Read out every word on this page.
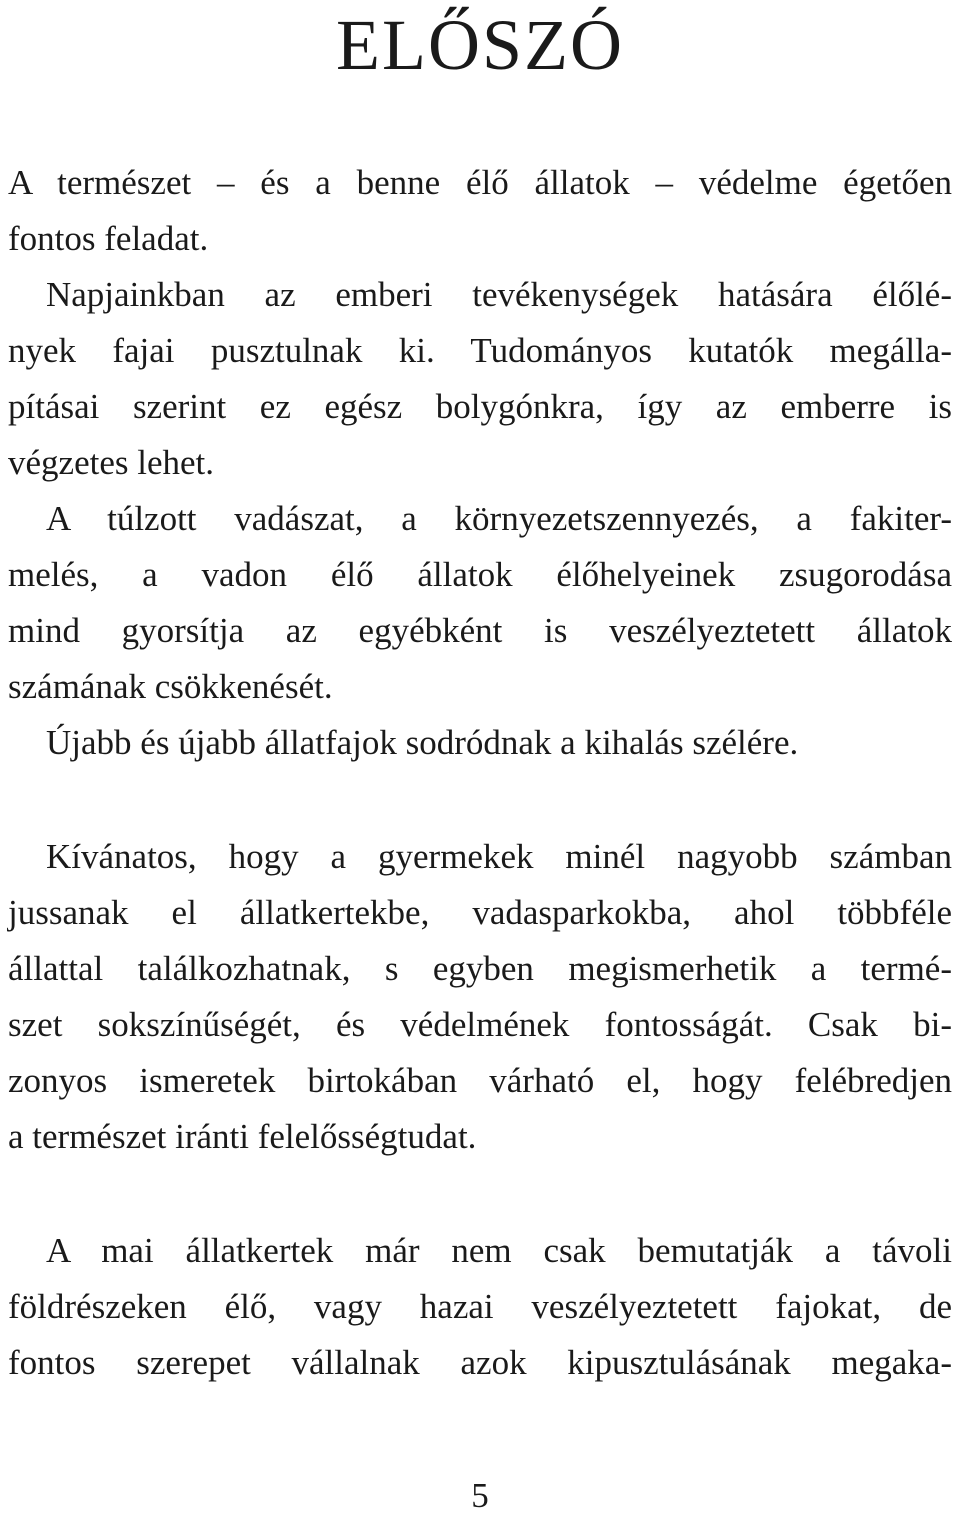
ELŐSZÓ

A természet – és a benne élő állatok – védelme égetően

fontos feladat.

Napjainkban az emberi tevékenységek hatására élőlé-

nyek fajai pusztulnak ki. Tudományos kutatók megálla-

pításai szerint ez egész bolygónkra, így az emberre is

végzetes lehet.

A túlzott vadászat, a környezetszennyezés, a fakiter-

melés, a vadon élő állatok élőhelyeinek zsugorodása

mind gyorsítja az egyébként is veszélyeztetett állatok

számának csökkenését.

Újabb és újabb állatfajok sodródnak a kihalás szélére.

Kívánatos, hogy a gyermekek minél nagyobb számban

jussanak el állatkertekbe, vadasparkokba, ahol többféle

állattal találkozhatnak, s egyben megismerhetik a termé-

szet sokszínűségét, és védelmének fontosságát. Csak bi-

zonyos ismeretek birtokában várható el, hogy felébredjen

a természet iránti felelősségtudat.

A mai állatkertek már nem csak bemutatják a távoli

földrészeken élő, vagy hazai veszélyeztetett fajokat, de

fontos szerepet vállalnak azok kipusztulásának megaka-

5
